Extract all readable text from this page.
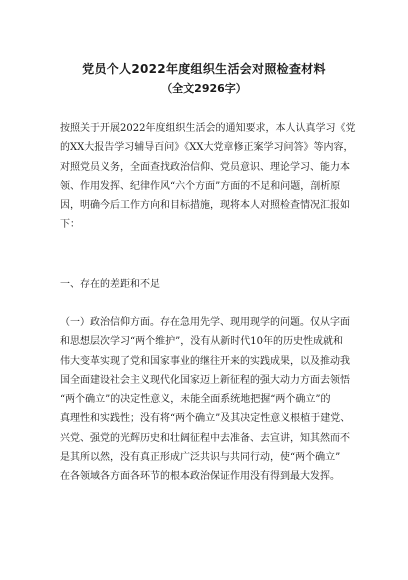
党员个人2022年度组织生活会对照检查材料
（全文2926字）

按照关于开展2022年度组织生活会的通知要求，本人认真学习《党
的XX大报告学习辅导百问》《XX大党章修正案学习问答》等内容，
对照党员义务，全面查找政治信仰、党员意识、理论学习、能力本
领、作用发挥、纪律作风“六个方面”方面的不足和问题，剖析原
因，明确今后工作方向和目标措施，现将本人对照检查情况汇报如
下：

一、存在的差距和不足

（一）政治信仰方面。存在急用先学、现用现学的问题。仅从字面
和思想层次学习“两个维护”，没有从新时代10年的历史性成就和
伟大变革实现了党和国家事业的继往开来的实践成果，以及推动我
国全面建设社会主义现代化国家迈上新征程的强大动力方面去领悟
“两个确立”的决定性意义，未能全面系统地把握“两个确立”的
真理性和实践性；没有将“两个确立”及其决定性意义根植于建党、
兴党、强党的光辉历史和壮阔征程中去准备、去宣讲，知其然而不
是其所以然，没有真正形成广泛共识与共同行动，使“两个确立”
在各领域各方面各环节的根本政治保证作用没有得到最大发挥。
